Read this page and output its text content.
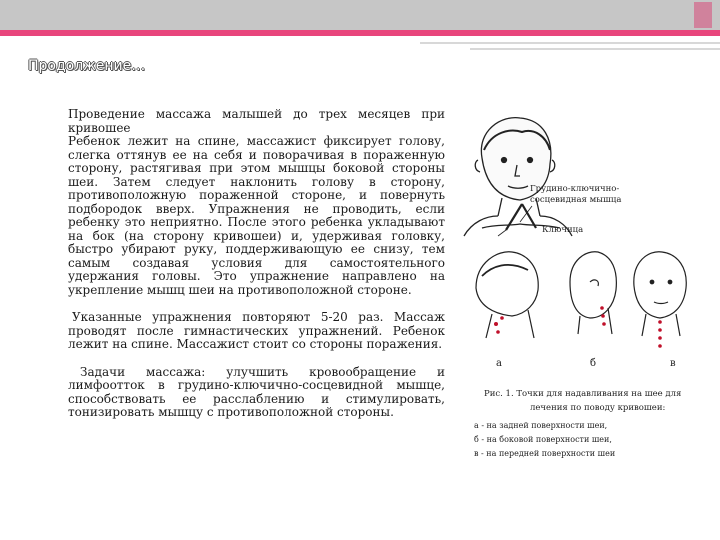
Продолжение…

Проведение массажа малышей до трех месяцев при кривошее

Ребенок лежит на спине, массажист фиксирует голову, слегка оттянув ее на себя и поворачивая в пораженную сторону, растягивая при этом мышцы боковой стороны шеи. Затем следует наклонить голову в сторону, противоположную пораженной стороне, и повернуть подбородок вверх. Упражнения не проводить, если ребенку это неприятно. После этого ребенка укладывают на бок (на сторону кривошеи) и, удерживая головку, быстро убирают руку, поддерживающую ее снизу, тем самым создавая условия для самостоятельного удержания головы. Это упражнение направлено на укрепление мышц шеи на противоположной стороне.

Указанные упражнения повторяют 5-20 раз. Массаж проводят после гимнастических упражнений. Ребенок лежит на спине. Массажист стоит со стороны поражения.

Задачи массажа: улучшить кровообращение и лимфоотток в грудино-ключично-сосцевидной мышце, способствовать ее расслаблению и стимулировать, тонизировать мышцу с противоположной стороны.

Грудино-ключично-
сосцевидная мышца
Ключица
а	б	в
Рис. 1. Точки для надавливания на шее для
лечения по поводу кривошеи:
а - на задней поверхности шеи,
б - на боковой поверхности шеи,
в - на передней поверхности шеи
